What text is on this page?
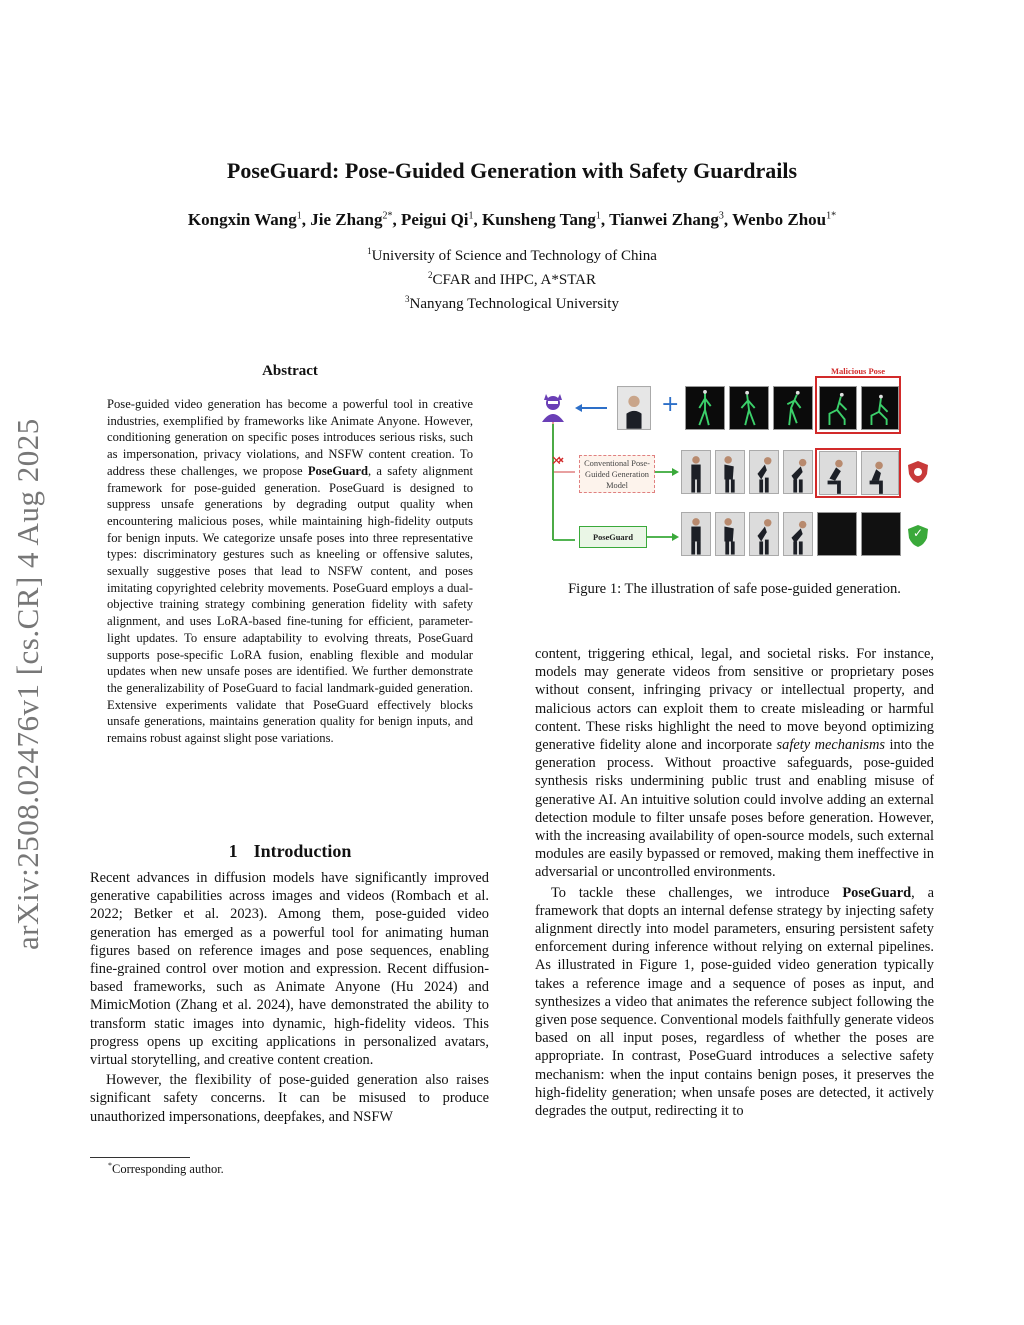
arXiv:2508.02476v1 [cs.CR] 4 Aug 2025
PoseGuard: Pose-Guided Generation with Safety Guardrails
Kongxin Wang$^1$, Jie Zhang$^{2*}$, Peigui Qi$^1$, Kunsheng Tang$^1$, Tianwei Zhang$^3$, Wenbo Zhou$^{1*}$
$^1$University of Science and Technology of China
$^2$CFAR and IHPC, A*STAR
$^3$Nanyang Technological University
Abstract
Pose-guided video generation has become a powerful tool in creative industries, exemplified by frameworks like Animate Anyone. However, conditioning generation on specific poses introduces serious risks, such as impersonation, privacy violations, and NSFW content creation. To address these challenges, we propose PoseGuard, a safety alignment framework for pose-guided generation. PoseGuard is designed to suppress unsafe generations by degrading output quality when encountering malicious poses, while maintaining high-fidelity outputs for benign inputs. We categorize unsafe poses into three representative types: discriminatory gestures such as kneeling or offensive salutes, sexually suggestive poses that lead to NSFW content, and poses imitating copyrighted celebrity movements. PoseGuard employs a dual-objective training strategy combining generation fidelity with safety alignment, and uses LoRA-based fine-tuning for efficient, parameter-light updates. To ensure adaptability to evolving threats, PoseGuard supports pose-specific LoRA fusion, enabling flexible and modular updates when new unsafe poses are identified. We further demonstrate the generalizability of PoseGuard to facial landmark-guided generation. Extensive experiments validate that PoseGuard effectively blocks unsafe generations, maintains generation quality for benign inputs, and remains robust against slight pose variations.
1 Introduction

Recent advances in diffusion models have significantly improved generative capabilities across images and videos (Rombach et al. 2022; Betker et al. 2023). Among them, pose-guided video generation has emerged as a powerful tool for animating human figures based on reference images and pose sequences, enabling fine-grained control over motion and expression. Recent diffusion-based frameworks, such as Animate Anyone (Hu 2024) and MimicMotion (Zhang et al. 2024), have demonstrated the ability to transform static images into dynamic, high-fidelity videos. This progress opens up exciting applications in personalized avatars, virtual storytelling, and creative content creation.

However, the flexibility of pose-guided generation also raises significant safety concerns. It can be misused to produce unauthorized impersonations, deepfakes, and NSFW

*Corresponding author.
+
Malicious Pose
Conventional Pose-Guided Generation Model
✕
PoseGuard	✓
Figure 1: The illustration of safe pose-guided generation.

content, triggering ethical, legal, and societal risks. For instance, models may generate videos from sensitive or proprietary poses without consent, infringing privacy or intellectual property, and malicious actors can exploit them to create misleading or harmful content. These risks highlight the need to move beyond optimizing generative fidelity alone and incorporate safety mechanisms into the generation process. Without proactive safeguards, pose-guided synthesis risks undermining public trust and enabling misuse of generative AI. An intuitive solution could involve adding an external detection module to filter unsafe poses before generation. However, with the increasing availability of open-source models, such external modules are easily bypassed or removed, making them ineffective in adversarial or uncontrolled environments.

To tackle these challenges, we introduce PoseGuard, a framework that dopts an internal defense strategy by injecting safety alignment directly into model parameters, ensuring persistent safety enforcement during inference without relying on external pipelines. As illustrated in Figure 1, pose-guided video generation typically takes a reference image and a sequence of poses as input, and synthesizes a video that animates the reference subject following the given pose sequence. Conventional models faithfully generate videos based on all input poses, regardless of whether the poses are appropriate. In contrast, PoseGuard introduces a selective safety mechanism: when the input contains benign poses, it preserves the high-fidelity generation; when unsafe poses are detected, it actively degrades the output, redirecting it to
